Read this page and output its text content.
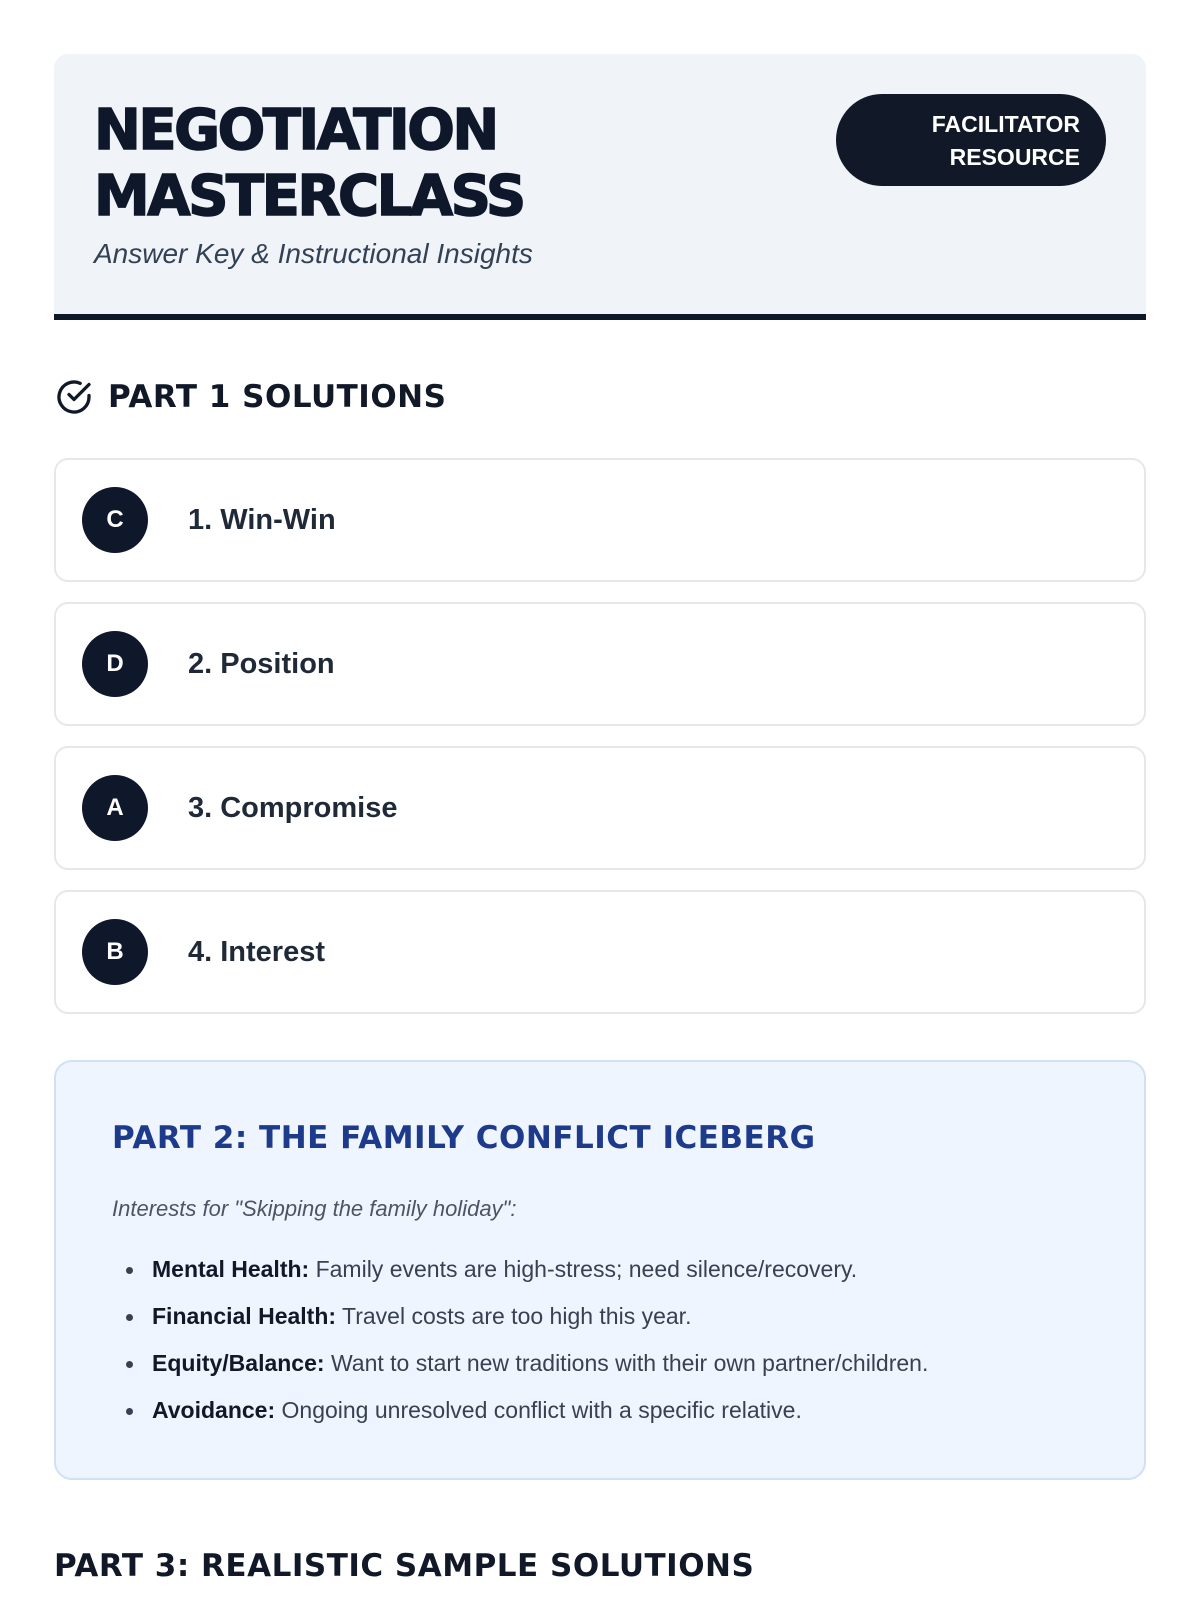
NEGOTIATION
MASTERCLASS
Answer Key & Instructional Insights
FACILITATOR
RESOURCE
PART 1 SOLUTIONS
C	1. Win-Win
D	2. Position
A	3. Compromise
B	4. Interest
PART 2: THE FAMILY CONFLICT ICEBERG
Interests for "Skipping the family holiday":
Mental Health: Family events are high-stress; need silence/recovery.
Financial Health: Travel costs are too high this year.
Equity/Balance: Want to start new traditions with their own partner/children.
Avoidance: Ongoing unresolved conflict with a specific relative.
PART 3: REALISTIC SAMPLE SOLUTIONS
